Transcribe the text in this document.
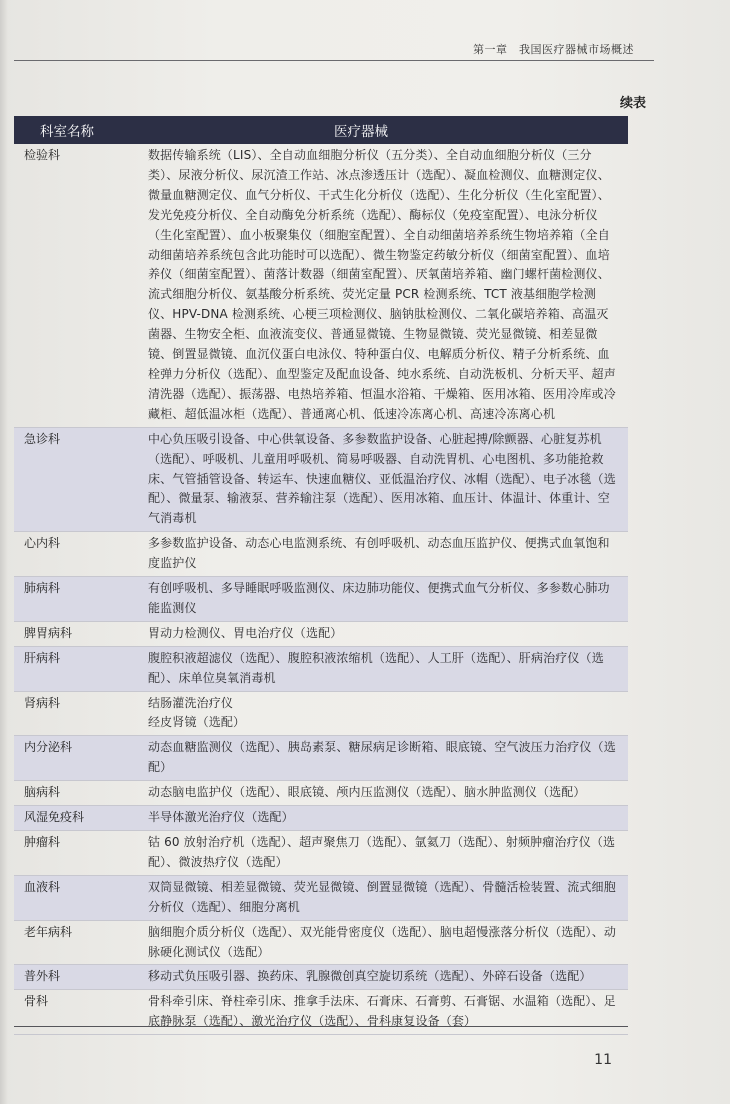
第一章　我国医疗器械市场概述
续表
科室名称	医疗器械
检验科	数据传输系统（LIS）、全自动血细胞分析仪（五分类）、全自动血细胞分析仪（三分类）、尿液分析仪、尿沉渣工作站、冰点渗透压计（选配）、凝血检测仪、血糖测定仪、微量血糖测定仪、血气分析仪、干式生化分析仪（选配）、生化分析仪（生化室配置）、发光免疫分析仪、全自动酶免分析系统（选配）、酶标仪（免疫室配置）、电泳分析仪（生化室配置）、血小板聚集仪（细胞室配置）、全自动细菌培养系统生物培养箱（全自动细菌培养系统包含此功能时可以选配）、微生物鉴定药敏分析仪（细菌室配置）、血培养仪（细菌室配置）、菌落计数器（细菌室配置）、厌氧菌培养箱、幽门螺杆菌检测仪、流式细胞分析仪、氨基酸分析系统、荧光定量 PCR 检测系统、TCT 液基细胞学检测仪、HPV-DNA 检测系统、心梗三项检测仪、脑钠肽检测仪、二氧化碳培养箱、高温灭菌器、生物安全柜、血液流变仪、普通显微镜、生物显微镜、荧光显微镜、相差显微镜、倒置显微镜、血沉仪蛋白电泳仪、特种蛋白仪、电解质分析仪、精子分析系统、血栓弹力分析仪（选配）、血型鉴定及配血设备、纯水系统、自动洗板机、分析天平、超声清洗器（选配）、振荡器、电热培养箱、恒温水浴箱、干燥箱、医用冰箱、医用冷库或冷藏柜、超低温冰柜（选配）、普通离心机、低速冷冻离心机、高速冷冻离心机
急诊科	中心负压吸引设备、中心供氧设备、多参数监护设备、心脏起搏/除颤器、心脏复苏机（选配）、呼吸机、儿童用呼吸机、简易呼吸器、自动洗胃机、心电图机、多功能抢救床、气管插管设备、转运车、快速血糖仪、亚低温治疗仪、冰帽（选配）、电子冰毯（选配）、微量泵、输液泵、营养输注泵（选配）、医用冰箱、血压计、体温计、体重计、空气消毒机
心内科	多参数监护设备、动态心电监测系统、有创呼吸机、动态血压监护仪、便携式血氧饱和度监护仪
肺病科	有创呼吸机、多导睡眠呼吸监测仪、床边肺功能仪、便携式血气分析仪、多参数心肺功能监测仪
脾胃病科	胃动力检测仪、胃电治疗仪（选配）
肝病科	腹腔积液超滤仪（选配）、腹腔积液浓缩机（选配）、人工肝（选配）、肝病治疗仪（选配）、床单位臭氧消毒机
肾病科	结肠灌洗治疗仪
经皮肾镜（选配）
内分泌科	动态血糖监测仪（选配）、胰岛素泵、糖尿病足诊断箱、眼底镜、空气波压力治疗仪（选配）
脑病科	动态脑电监护仪（选配）、眼底镜、颅内压监测仪（选配）、脑水肿监测仪（选配）
风湿免疫科	半导体激光治疗仪（选配）
肿瘤科	钴 60 放射治疗机（选配）、超声聚焦刀（选配）、氩氦刀（选配）、射频肿瘤治疗仪（选配）、微波热疗仪（选配）
血液科	双筒显微镜、相差显微镜、荧光显微镜、倒置显微镜（选配）、骨髓活检装置、流式细胞分析仪（选配）、细胞分离机
老年病科	脑细胞介质分析仪（选配）、双光能骨密度仪（选配）、脑电超慢涨落分析仪（选配）、动脉硬化测试仪（选配）
普外科	移动式负压吸引器、换药床、乳腺微创真空旋切系统（选配）、外碎石设备（选配）
骨科	骨科牵引床、脊柱牵引床、推拿手法床、石膏床、石膏剪、石膏锯、水温箱（选配）、足底静脉泵（选配）、激光治疗仪（选配）、骨科康复设备（套）
11
